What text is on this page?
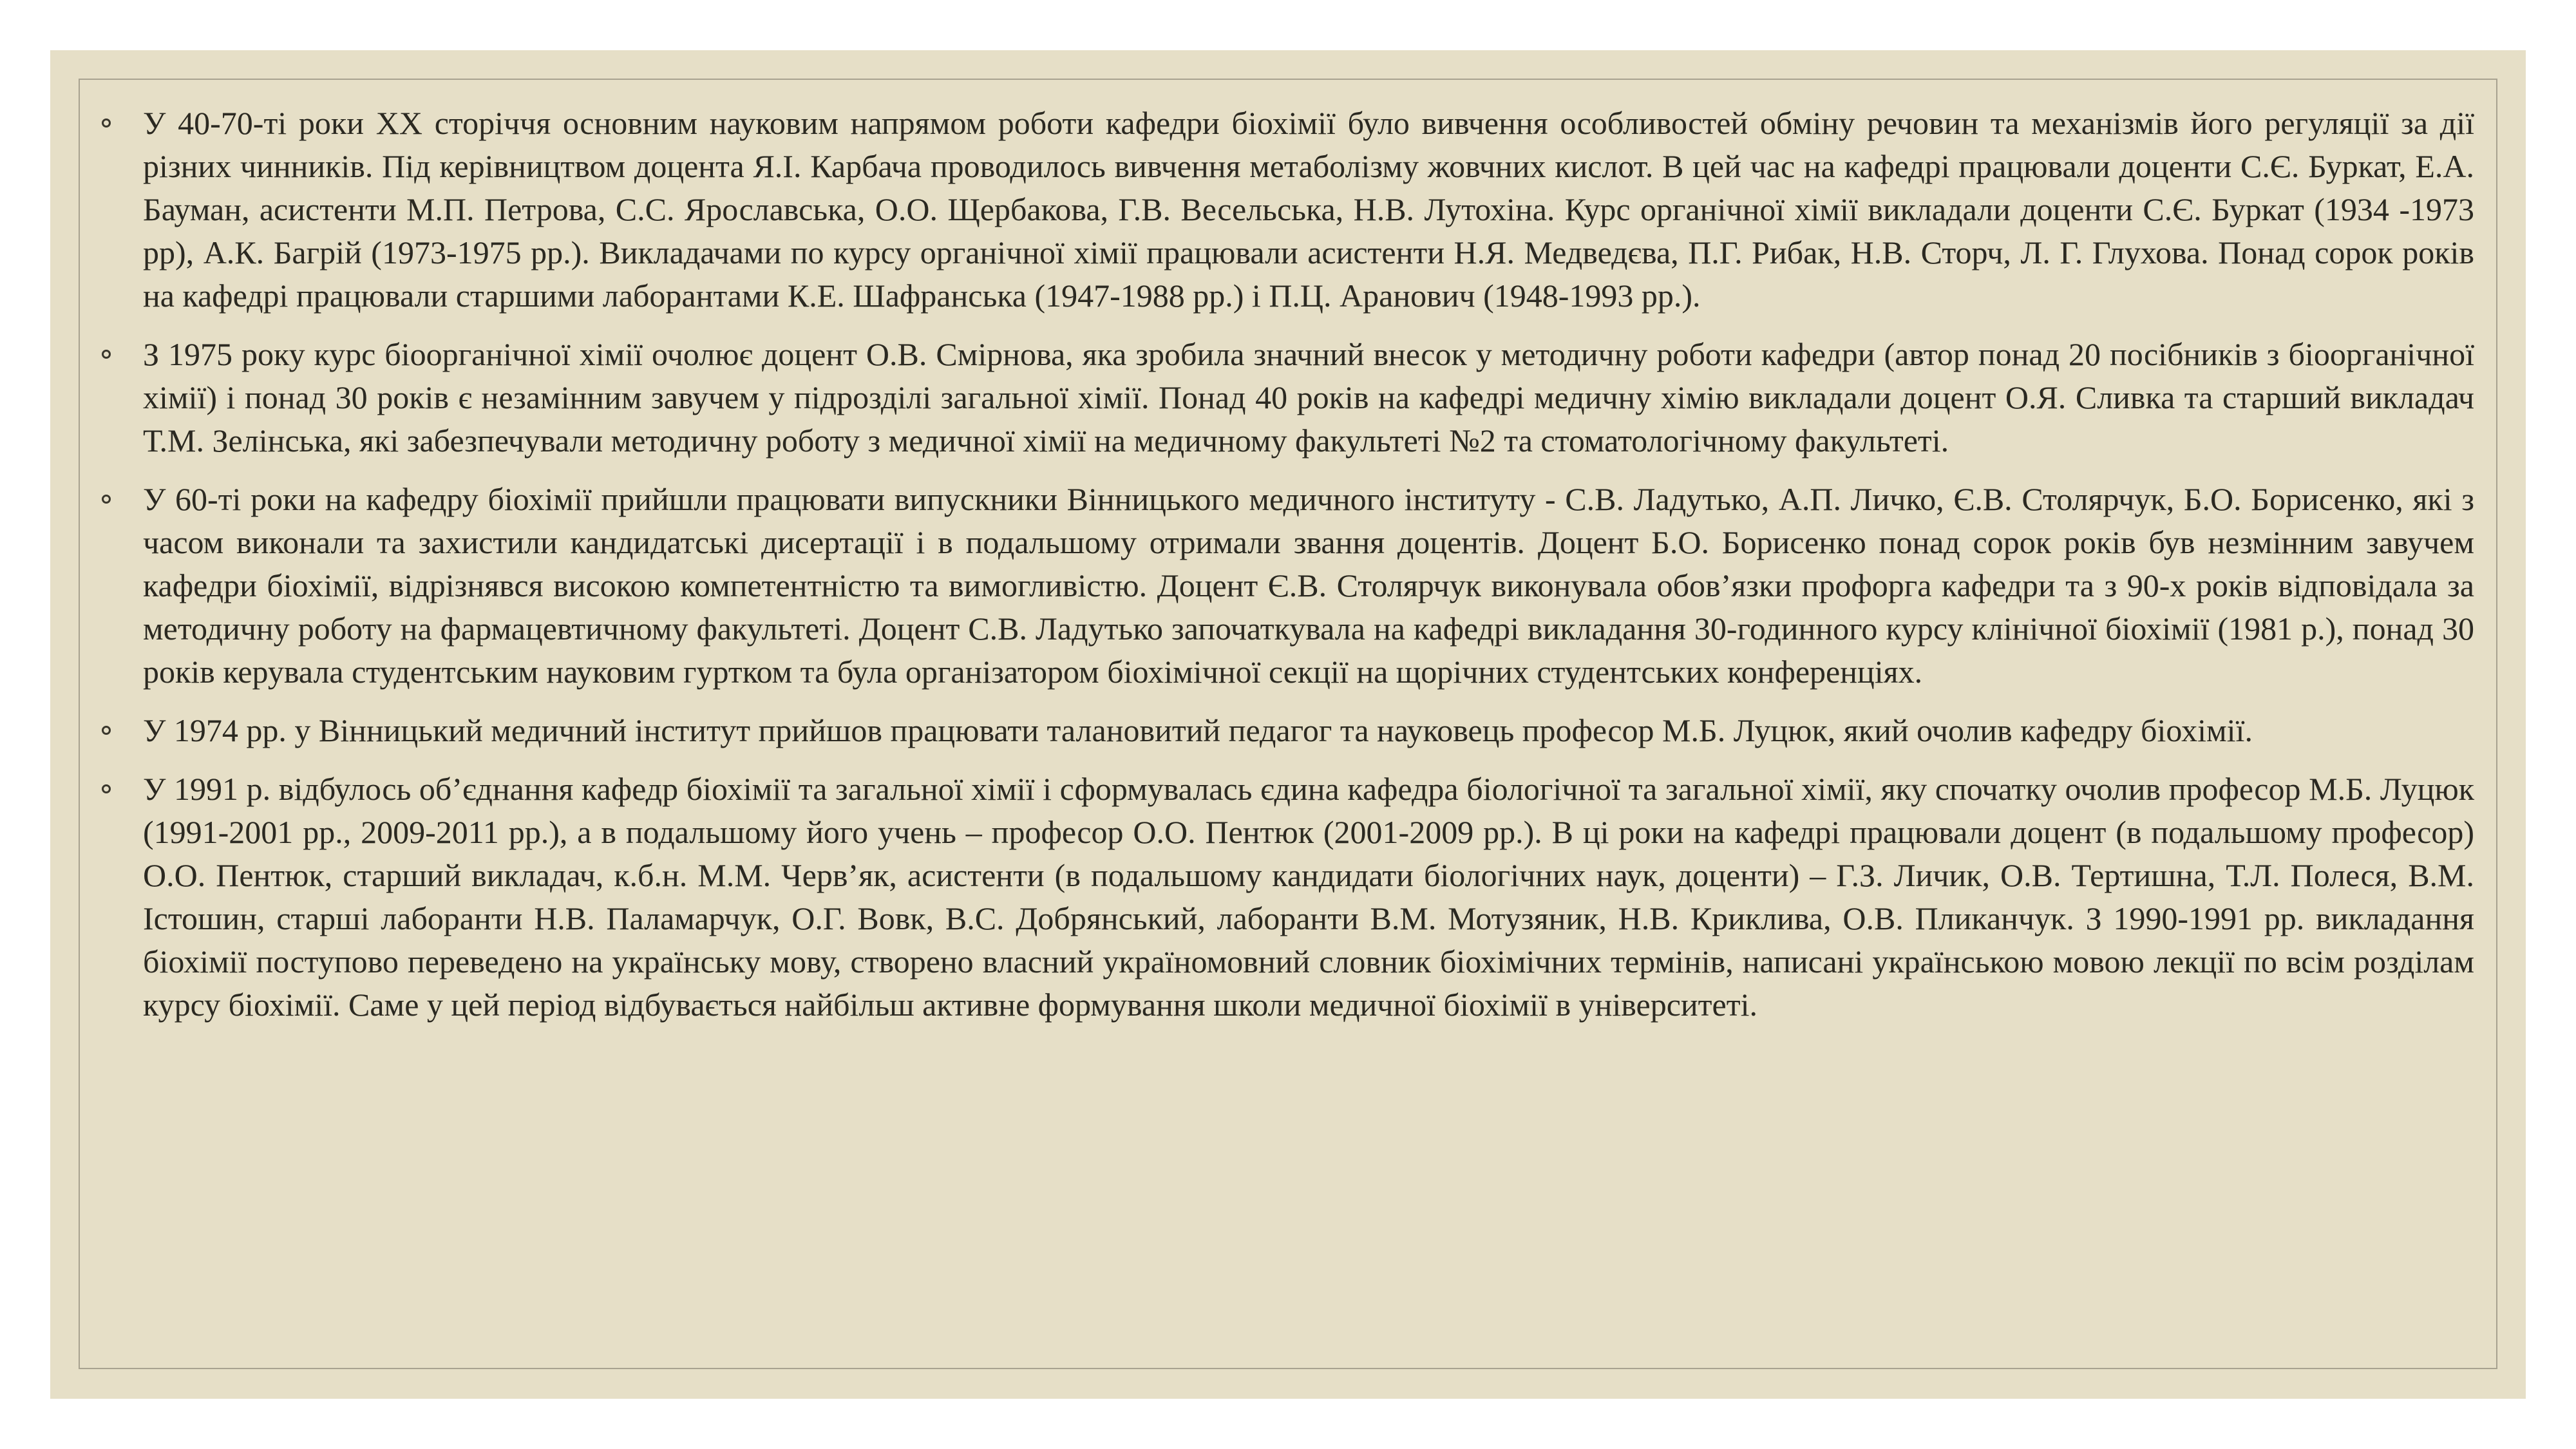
У 40-70-ті роки ХХ сторіччя основним науковим напрямом роботи кафедри біохімії було вивчення особливостей обміну речовин та механізмів його регуляції за дії різних чинників. Під керівництвом доцента Я.І. Карбача проводилось вивчення метаболізму жовчних кислот. В цей час на кафедрі працювали доценти С.Є. Буркат, Е.А. Бауман, асистенти М.П. Петрова, С.С. Ярославська, О.О. Щербакова, Г.В. Весельська, Н.В. Лутохіна. Курс органічної хімії викладали доценти С.Є. Буркат (1934 -1973 рр), А.К. Багрій (1973-1975 рр.). Викладачами по курсу органічної хімії працювали асистенти Н.Я. Медведєва, П.Г. Рибак, Н.В. Сторч, Л. Г. Глухова. Понад сорок років на кафедрі працювали старшими лаборантами К.Е. Шафранська (1947-1988 рр.) і П.Ц. Аранович (1948-1993 рр.).
З 1975 року курс біоорганічної хімії очолює доцент О.В. Смірнова, яка зробила значний внесок у методичну роботи кафедри (автор понад 20 посібників з біоорганічної хімії) і понад 30 років є незамінним завучем у підрозділі загальної хімії. Понад 40 років на кафедрі медичну хімію викладали доцент О.Я. Сливка та старший викладач Т.М. Зелінська, які забезпечували методичну роботу з медичної хімії на медичному факультеті №2 та стоматологічному факультеті.
У 60-ті роки на кафедру біохімії прийшли працювати випускники Вінницького медичного інституту - С.В. Ладутько, А.П. Личко, Є.В. Столярчук, Б.О. Борисенко, які з часом виконали та захистили кандидатські дисертації і в подальшому отримали звання доцентів. Доцент Б.О. Борисенко понад сорок років був незмінним завучем кафедри біохімії, відрізнявся високою компетентністю та вимогливістю. Доцент Є.В. Столярчук виконувала обов’язки профорга кафедри та з 90-х років відповідала за методичну роботу на фармацевтичному факультеті. Доцент С.В. Ладутько започаткувала на кафедрі викладання 30-годинного курсу клінічної біохімії (1981 р.), понад 30 років керувала студентським науковим гуртком та була організатором біохімічної секції на щорічних студентських конференціях.
У 1974 рр. у Вінницький медичний інститут прийшов працювати талановитий педагог та науковець професор М.Б. Луцюк, який очолив кафедру біохімії.
У 1991 р. відбулось об’єднання кафедр біохімії та загальної хімії і сформувалась єдина кафедра біологічної та загальної хімії, яку спочатку очолив професор М.Б. Луцюк (1991-2001 рр., 2009-2011 рр.), а в подальшому його учень – професор О.О. Пентюк (2001-2009 рр.). В ці роки на кафедрі працювали доцент (в подальшому професор) О.О. Пентюк, старший викладач, к.б.н. М.М. Черв’як, асистенти (в подальшому кандидати біологічних наук, доценти) – Г.З. Личик, О.В. Тертишна, Т.Л. Полеся, В.М. Істошин, старші лаборанти Н.В. Паламарчук, О.Г. Вовк, В.С. Добрянський, лаборанти В.М. Мотузяник, Н.В. Криклива, О.В. Пликанчук. З 1990-1991 рр. викладання біохімії поступово переведено на українську мову, створено власний україномовний словник біохімічних термінів, написані українською мовою лекції по всім розділам курсу біохімії. Саме у цей період відбувається найбільш активне формування школи медичної біохімії в університеті.
